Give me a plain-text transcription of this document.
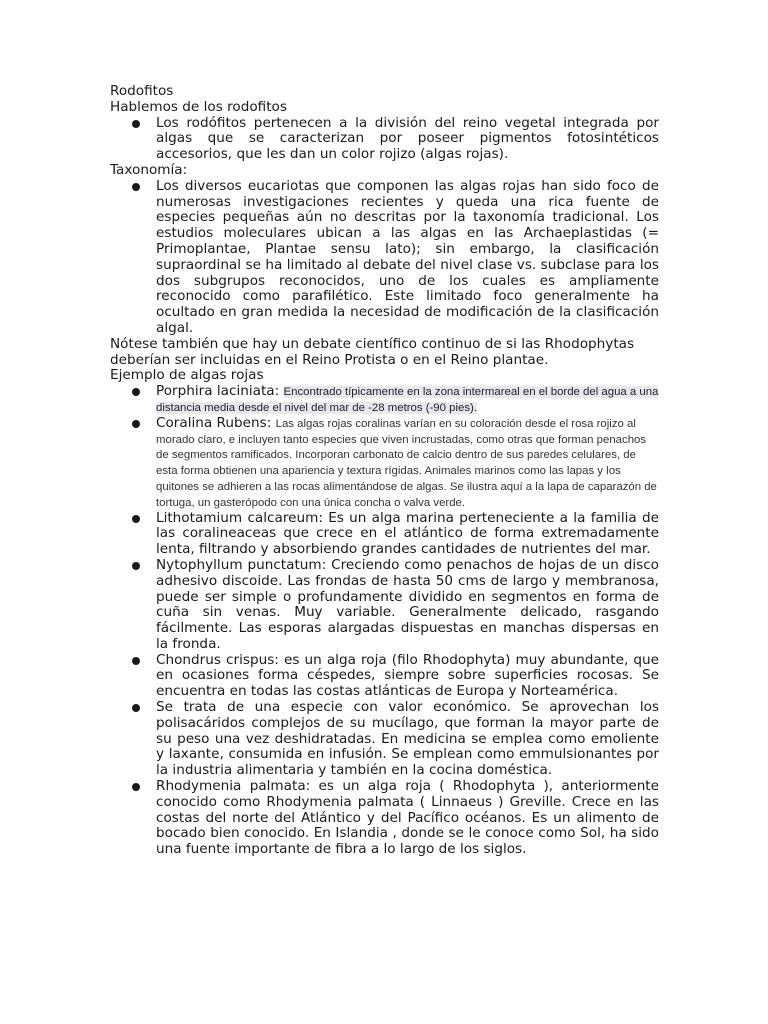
Rodofitos
Hablemos de los rodofitos
Los rodófitos pertenecen a la división del reino vegetal integrada por algas que se caracterizan por poseer pigmentos fotosintéticos accesorios, que les dan un color rojizo (algas rojas).
Taxonomía:
Los diversos eucariotas que componen las algas rojas han sido foco de numerosas investigaciones recientes y queda una rica fuente de especies pequeñas aún no descritas por la taxonomía tradicional. Los estudios moleculares ubican a las algas en las Archaeplastidas (= Primoplantae, Plantae sensu lato); sin embargo, la clasificación supraordinal se ha limitado al debate del nivel clase vs. subclase para los dos subgrupos reconocidos, uno de los cuales es ampliamente reconocido como parafilético. Este limitado foco generalmente ha ocultado en gran medida la necesidad de modificación de la clasificación algal.
Nótese también que hay un debate científico continuo de si las Rhodophytas deberían ser incluidas en el Reino Protista o en el Reino plantae.
Ejemplo de algas rojas
Porphira laciniata: Encontrado típicamente en la zona intermareal en el borde del agua a una distancia media desde el nivel del mar de -28 metros (-90 pies).
Coralina Rubens: Las algas rojas coralinas varían en su coloración desde el rosa rojizo al morado claro, e incluyen tanto especies que viven incrustadas, como otras que forman penachos de segmentos ramificados. Incorporan carbonato de calcio dentro de sus paredes celulares, de esta forma obtienen una apariencia y textura rígidas. Animales marinos como las lapas y los quitones se adhieren a las rocas alimentándose de algas. Se ilustra aquí a la lapa de caparazón de tortuga, un gasterópodo con una única concha o valva verde.
Lithotamium calcareum: Es un alga marina perteneciente a la familia de las coralineaceas que crece en el atlántico de forma extremadamente lenta, filtrando y absorbiendo grandes cantidades de nutrientes del mar.
Nytophyllum punctatum: Creciendo como penachos de hojas de un disco adhesivo discoide. Las frondas de hasta 50 cms de largo y membranosa, puede ser simple o profundamente dividido en segmentos en forma de cuña sin venas. Muy variable. Generalmente delicado, rasgando fácilmente. Las esporas alargadas dispuestas en manchas dispersas en la fronda.
Chondrus crispus: es un alga roja (filo Rhodophyta) muy abundante, que en ocasiones forma céspedes, siempre sobre superficies rocosas. Se encuentra en todas las costas atlánticas de Europa y Norteamérica.
Se trata de una especie con valor económico. Se aprovechan los polisacáridos complejos de su mucílago, que forman la mayor parte de su peso una vez deshidratadas. En medicina se emplea como emoliente y laxante, consumida en infusión. Se emplean como emmulsionantes por la industria alimentaria y también en la cocina doméstica.
Rhodymenia palmata: es un alga roja ( Rhodophyta ), anteriormente conocido como Rhodymenia palmata ( Linnaeus ) Greville. Crece en las costas del norte del Atlántico y del Pacífico océanos. Es un alimento de bocado bien conocido. En Islandia , donde se le conoce como Sol, ha sido una fuente importante de fibra a lo largo de los siglos.
